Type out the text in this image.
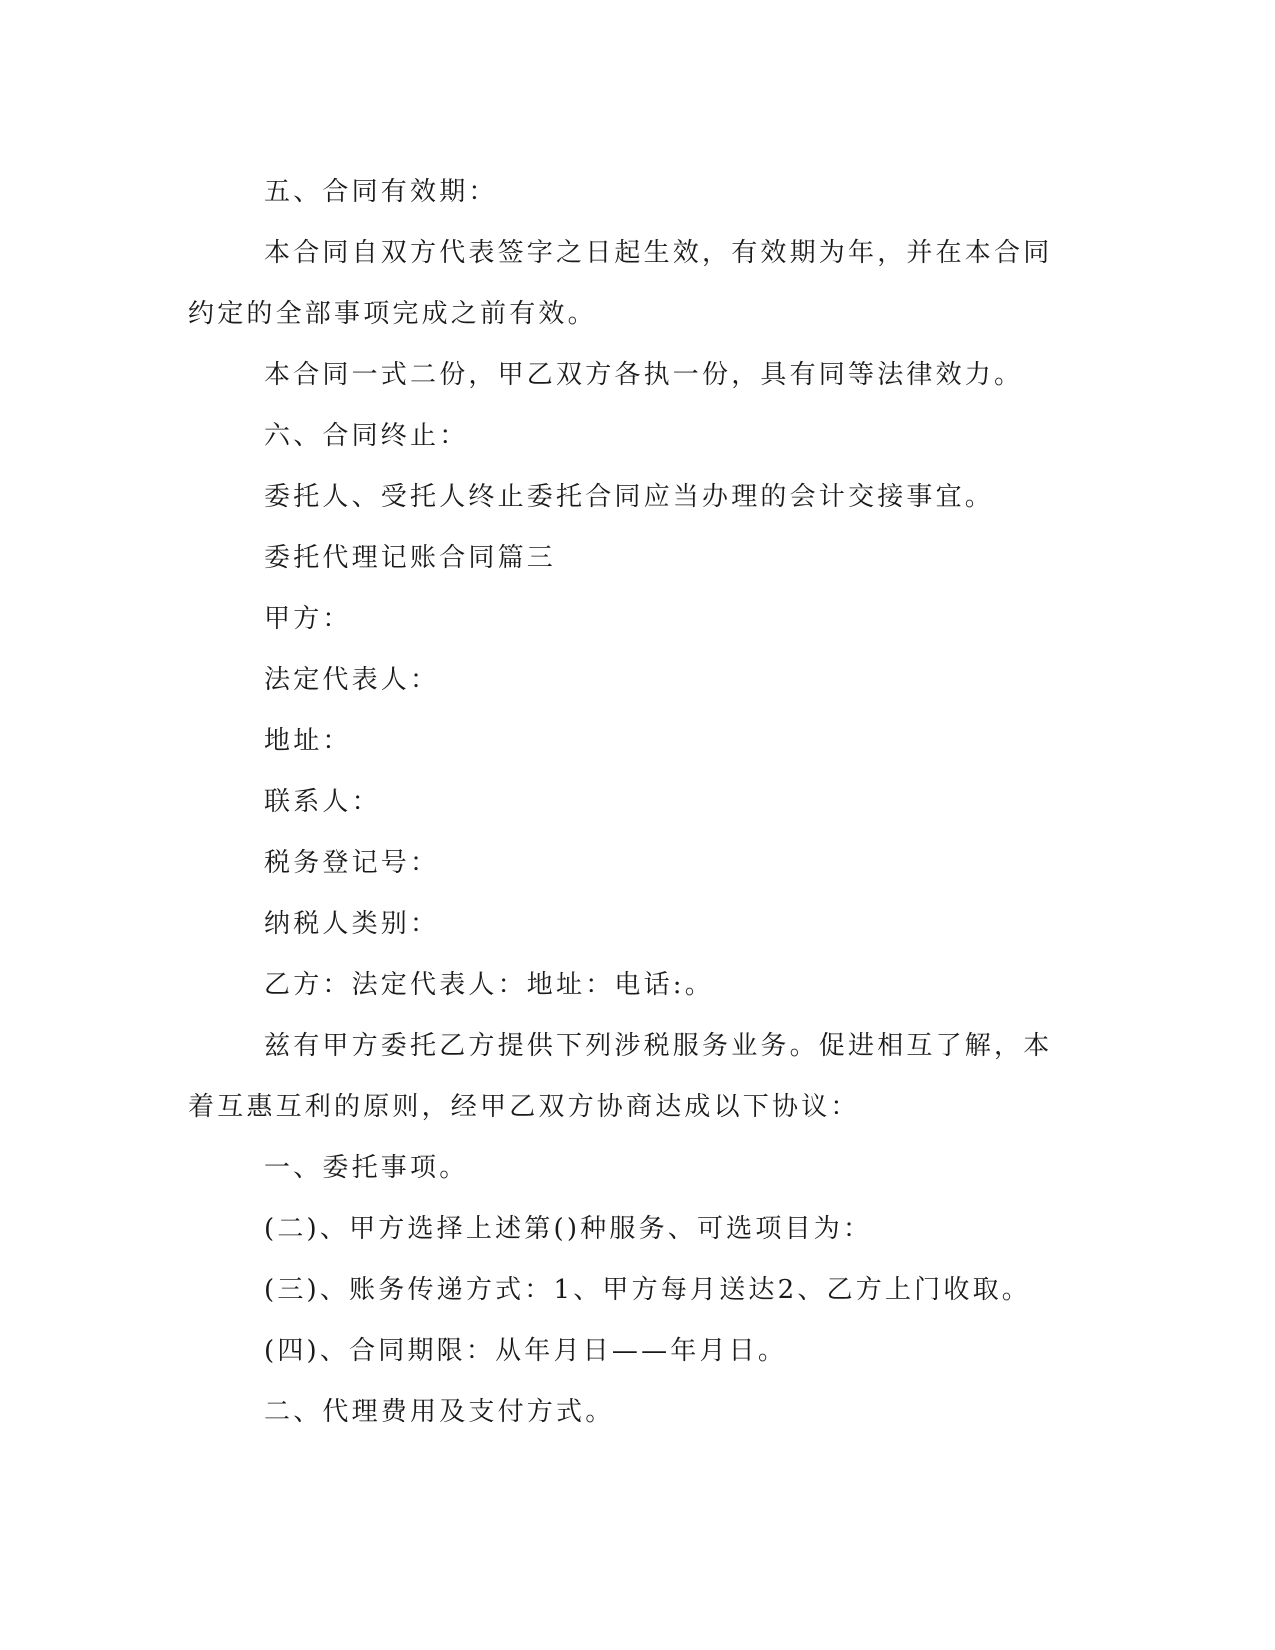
五、合同有效期：

本合同自双方代表签字之日起生效，有效期为年，并在本合同约定的全部事项完成之前有效。

本合同一式二份，甲乙双方各执一份，具有同等法律效力。

六、合同终止：

委托人、受托人终止委托合同应当办理的会计交接事宜。

委托代理记账合同篇三

甲方：

法定代表人：

地址：

联系人：

税务登记号：

纳税人类别：

乙方：法定代表人：地址：电话:。

兹有甲方委托乙方提供下列涉税服务业务。促进相互了解，本着互惠互利的原则，经甲乙双方协商达成以下协议：

一、委托事项。

(二)、甲方选择上述第()种服务、可选项目为：

(三)、账务传递方式：1、甲方每月送达2、乙方上门收取。

(四)、合同期限：从年月日——年月日。

二、代理费用及支付方式。
